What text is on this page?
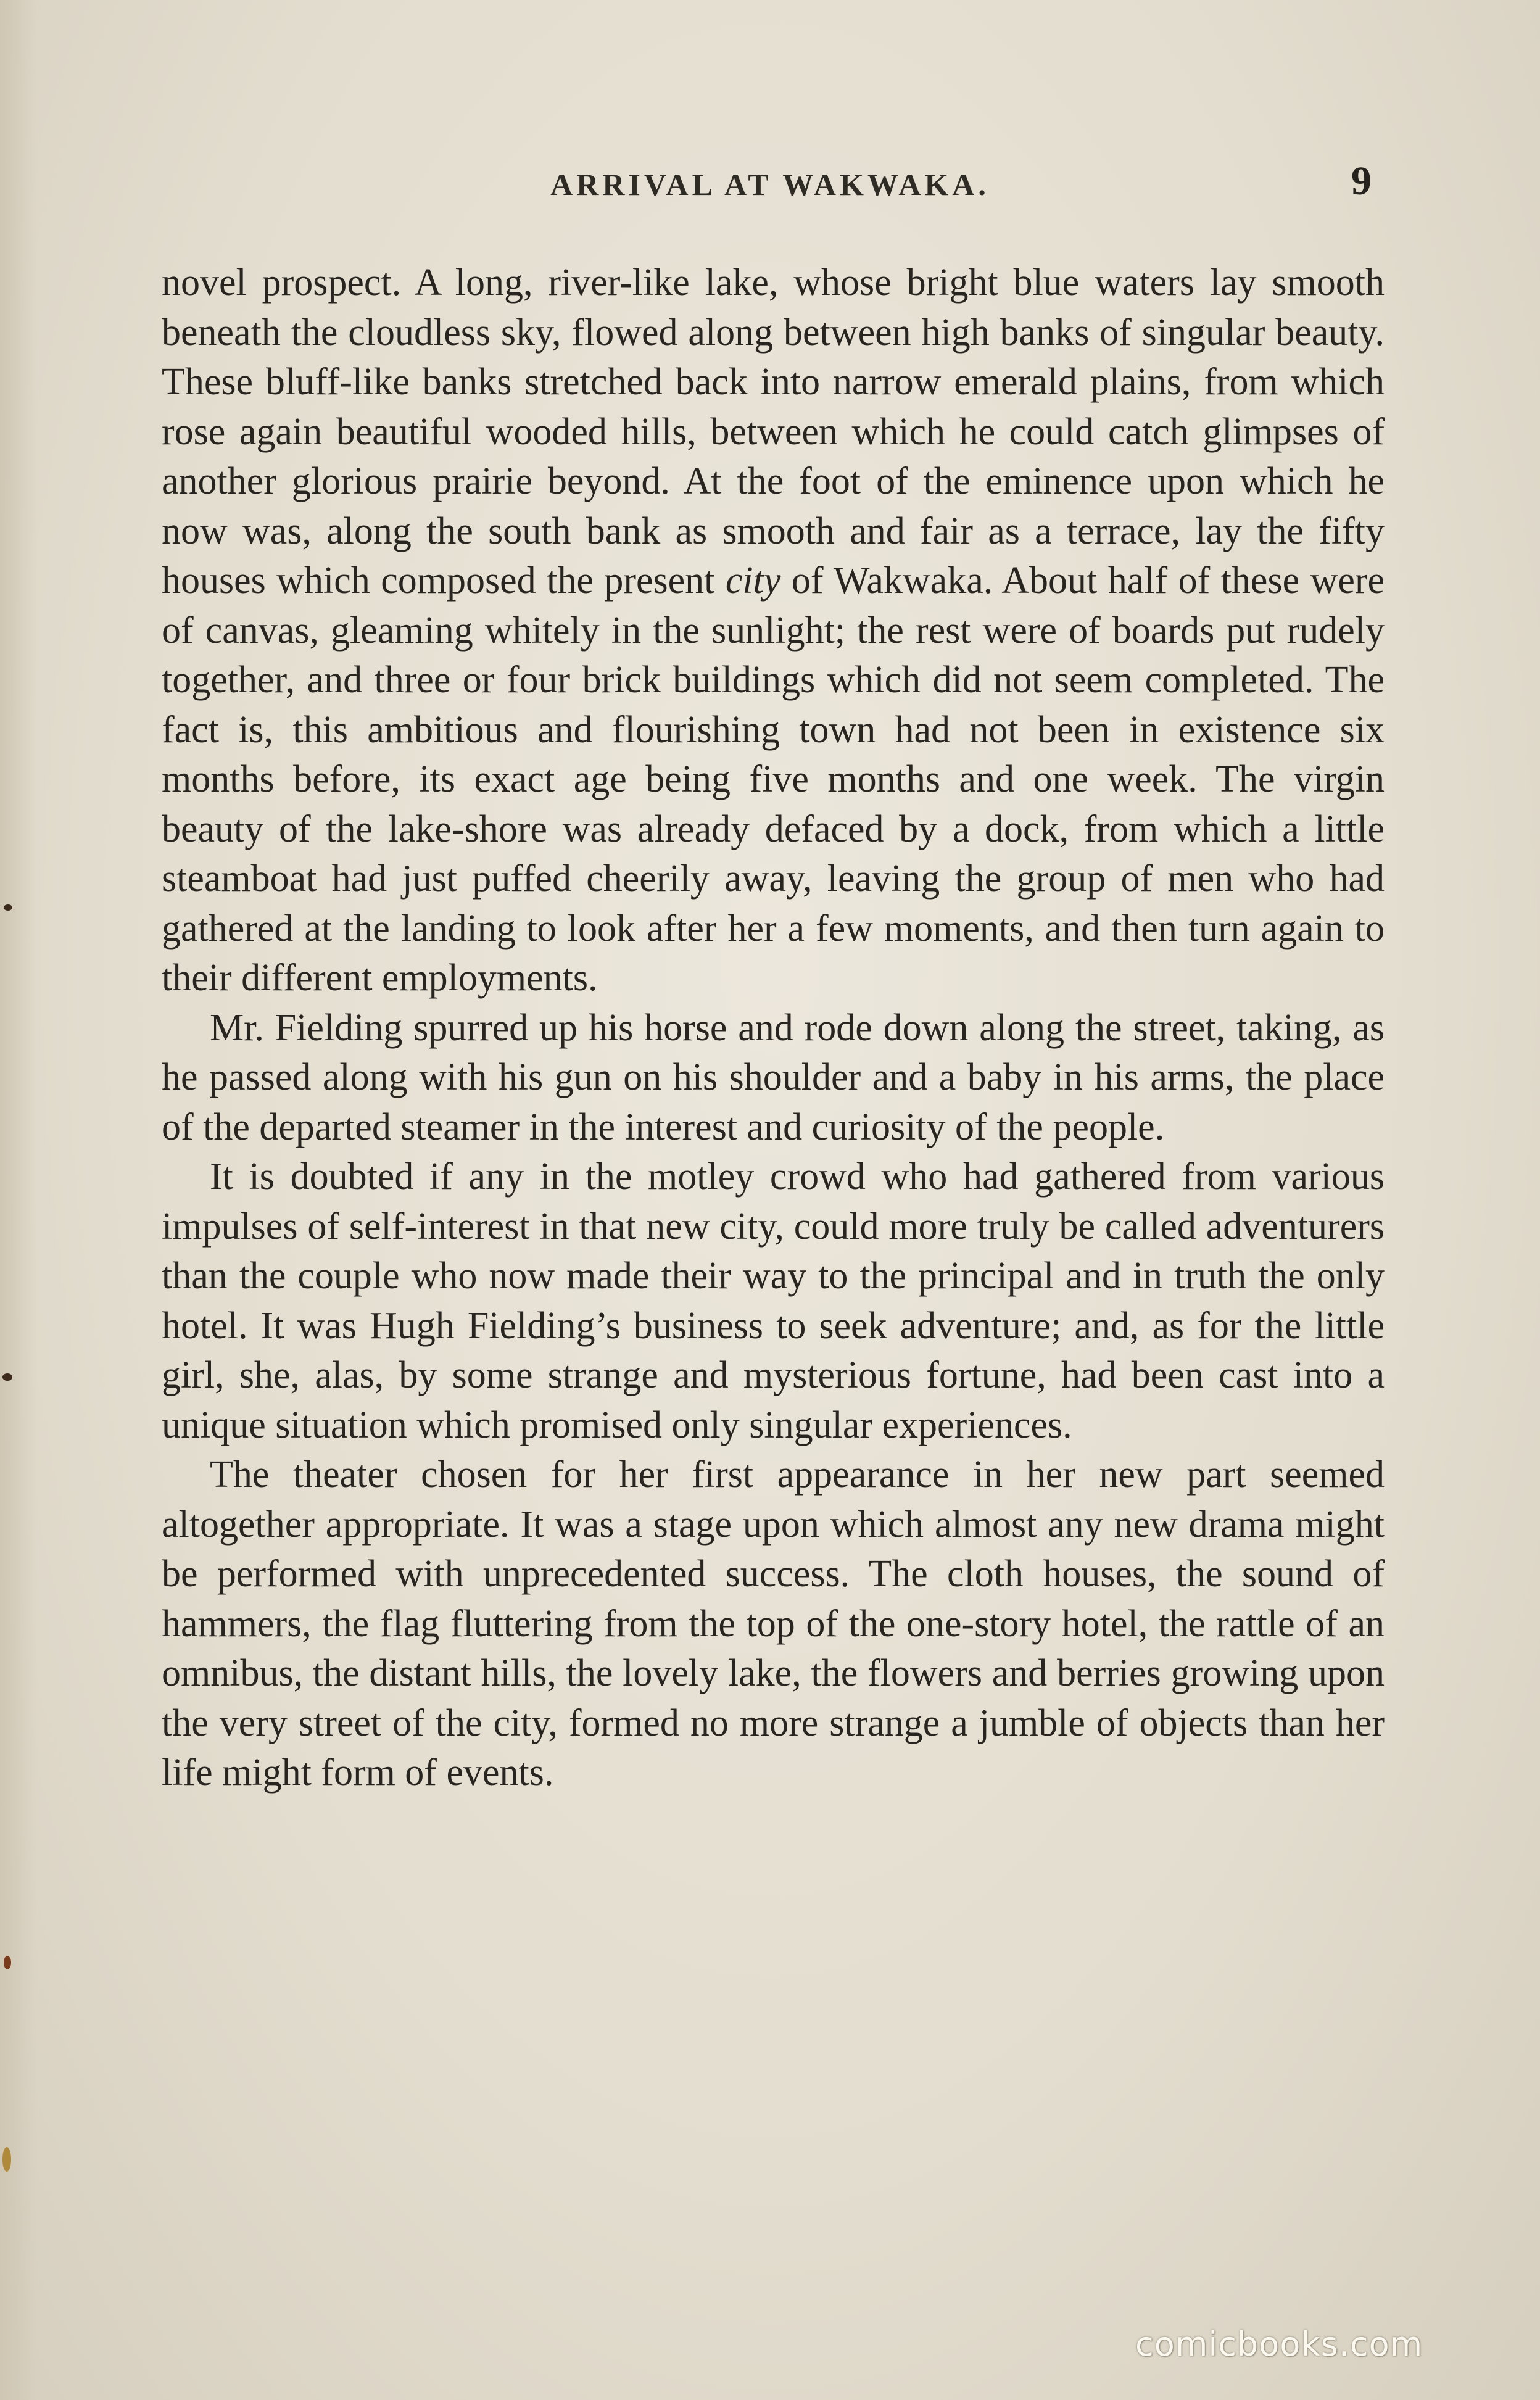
ARRIVAL AT WAKWAKA.	9

novel prospect. A long, river-like lake, whose bright blue waters lay smooth beneath the cloudless sky, flowed along between high banks of singular beauty. These bluff-like banks stretched back into narrow emerald plains, from which rose again beautiful wooded hills, between which he could catch glimpses of another glorious prairie beyond. At the foot of the eminence upon which he now was, along the south bank as smooth and fair as a terrace, lay the fifty houses which composed the present city of Wakwaka. About half of these were of canvas, gleaming whitely in the sunlight; the rest were of boards put rudely together, and three or four brick buildings which did not seem completed. The fact is, this ambitious and flourishing town had not been in existence six months before, its exact age being five months and one week. The virgin beauty of the lake-shore was already defaced by a dock, from which a little steamboat had just puffed cheerily away, leaving the group of men who had gathered at the landing to look after her a few moments, and then turn again to their different employments.

Mr. Fielding spurred up his horse and rode down along the street, taking, as he passed along with his gun on his shoulder and a baby in his arms, the place of the departed steamer in the interest and curiosity of the people.

It is doubted if any in the motley crowd who had gathered from various impulses of self-interest in that new city, could more truly be called adventurers than the couple who now made their way to the principal and in truth the only hotel. It was Hugh Fielding’s business to seek adventure; and, as for the little girl, she, alas, by some strange and mysterious fortune, had been cast into a unique situation which promised only singular experiences.

The theater chosen for her first appearance in her new part seemed altogether appropriate. It was a stage upon which almost any new drama might be performed with unprecedented success. The cloth houses, the sound of hammers, the flag fluttering from the top of the one-story hotel, the rattle of an omnibus, the distant hills, the lovely lake, the flowers and berries growing upon the very street of the city, formed no more strange a jumble of objects than her life might form of events.

comicbooks.com
